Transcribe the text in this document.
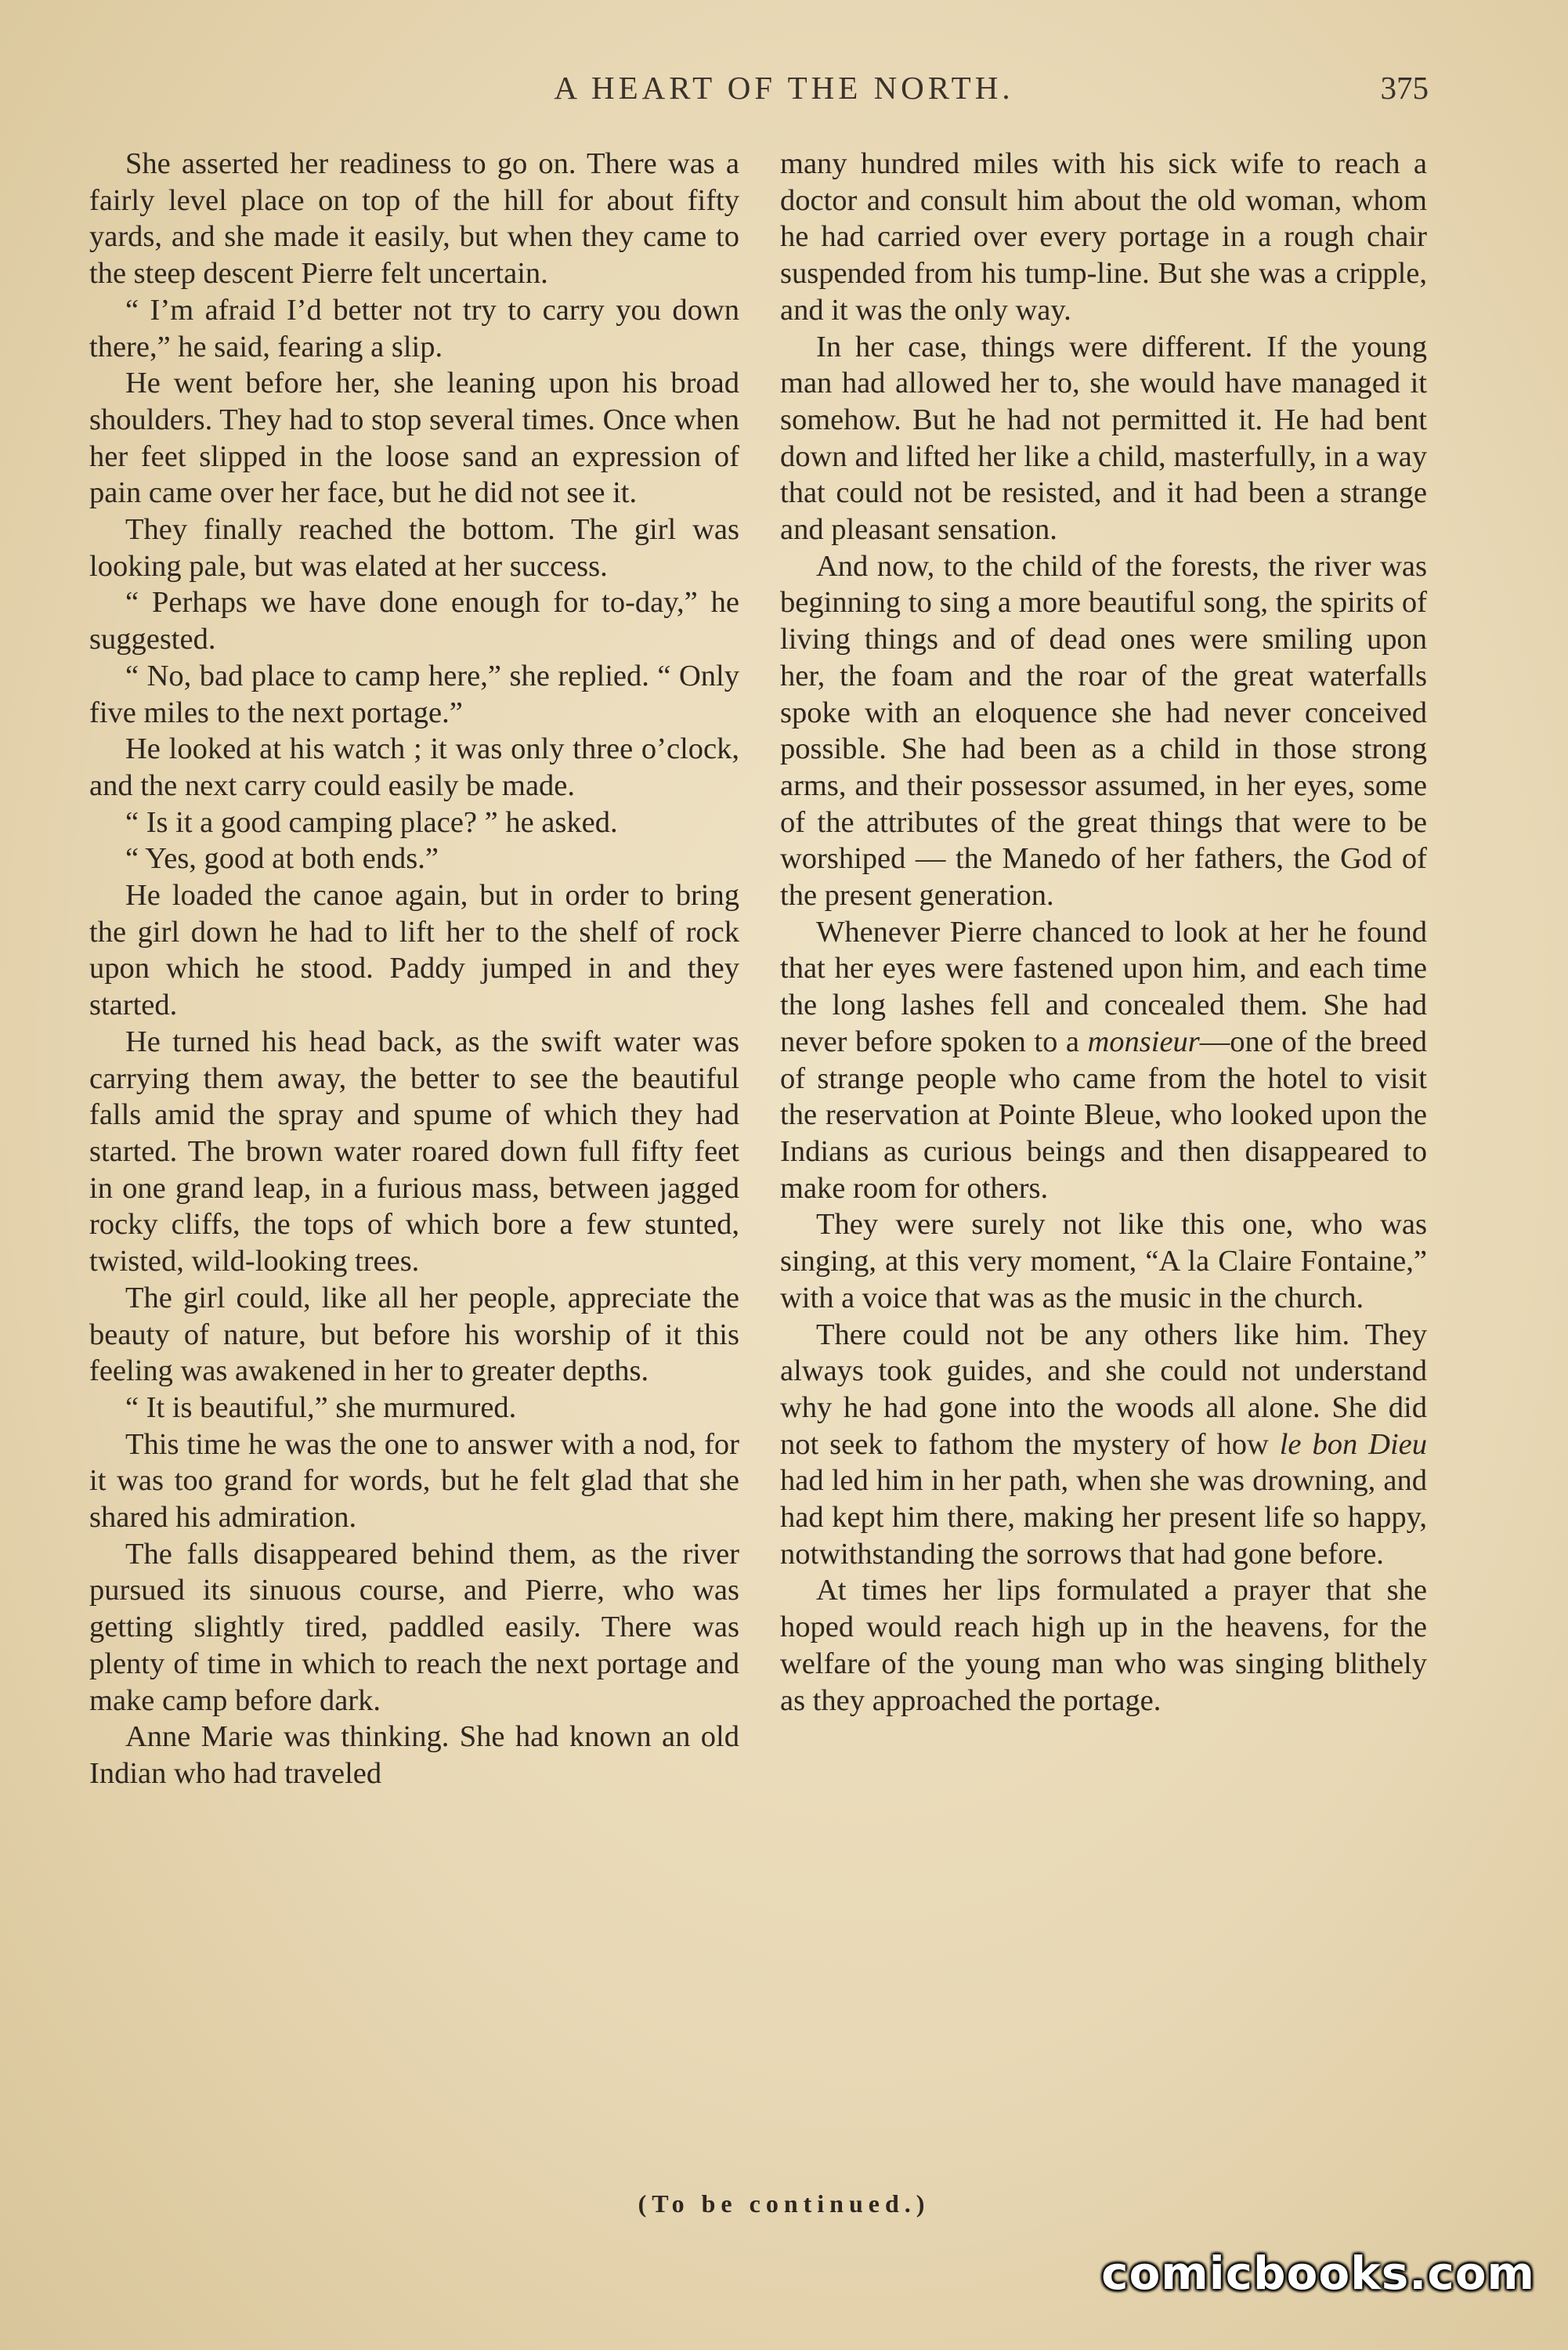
A HEART OF THE NORTH.	375

She asserted her readiness to go on. There was a fairly level place on top of the hill for about fifty yards, and she made it easily, but when they came to the steep descent Pierre felt uncertain.

“ I’m afraid I’d better not try to carry you down there,” he said, fearing a slip.

He went before her, she leaning upon his broad shoulders. They had to stop several times. Once when her feet slipped in the loose sand an expression of pain came over her face, but he did not see it.

They finally reached the bottom. The girl was looking pale, but was elated at her success.

“ Perhaps we have done enough for to-day,” he suggested.

“ No, bad place to camp here,” she replied. “ Only five miles to the next portage.”

He looked at his watch ; it was only three o’clock, and the next carry could easily be made.

“ Is it a good camping place? ” he asked.

“ Yes, good at both ends.”

He loaded the canoe again, but in order to bring the girl down he had to lift her to the shelf of rock upon which he stood. Paddy jumped in and they started.

He turned his head back, as the swift water was carrying them away, the better to see the beautiful falls amid the spray and spume of which they had started. The brown water roared down full fifty feet in one grand leap, in a furious mass, between jagged rocky cliffs, the tops of which bore a few stunted, twisted, wild-looking trees.

The girl could, like all her people, appreciate the beauty of nature, but before his worship of it this feeling was awakened in her to greater depths.

“ It is beautiful,” she murmured.

This time he was the one to answer with a nod, for it was too grand for words, but he felt glad that she shared his admiration.

The falls disappeared behind them, as the river pursued its sinuous course, and Pierre, who was getting slightly tired, paddled easily. There was plenty of time in which to reach the next portage and make camp before dark.

Anne Marie was thinking. She had known an old Indian who had traveled

many hundred miles with his sick wife to reach a doctor and consult him about the old woman, whom he had carried over every portage in a rough chair suspended from his tump-line. But she was a cripple, and it was the only way.

In her case, things were different. If the young man had allowed her to, she would have managed it somehow. But he had not permitted it. He had bent down and lifted her like a child, masterfully, in a way that could not be resisted, and it had been a strange and pleasant sensation.

And now, to the child of the forests, the river was beginning to sing a more beautiful song, the spirits of living things and of dead ones were smiling upon her, the foam and the roar of the great waterfalls spoke with an eloquence she had never conceived possible. She had been as a child in those strong arms, and their possessor assumed, in her eyes, some of the attributes of the great things that were to be worshiped — the Manedo of her fathers, the God of the present generation.

Whenever Pierre chanced to look at her he found that her eyes were fastened upon him, and each time the long lashes fell and concealed them. She had never before spoken to a monsieur—one of the breed of strange people who came from the hotel to visit the reservation at Pointe Bleue, who looked upon the Indians as curious beings and then disappeared to make room for others.

They were surely not like this one, who was singing, at this very moment, “A la Claire Fontaine,” with a voice that was as the music in the church.

There could not be any others like him. They always took guides, and she could not understand why he had gone into the woods all alone. She did not seek to fathom the mystery of how le bon Dieu had led him in her path, when she was drowning, and had kept him there, making her present life so happy, notwithstanding the sorrows that had gone before.

At times her lips formulated a prayer that she hoped would reach high up in the heavens, for the welfare of the young man who was singing blithely as they approached the portage.

(To be continued.)
comicbooks.com
